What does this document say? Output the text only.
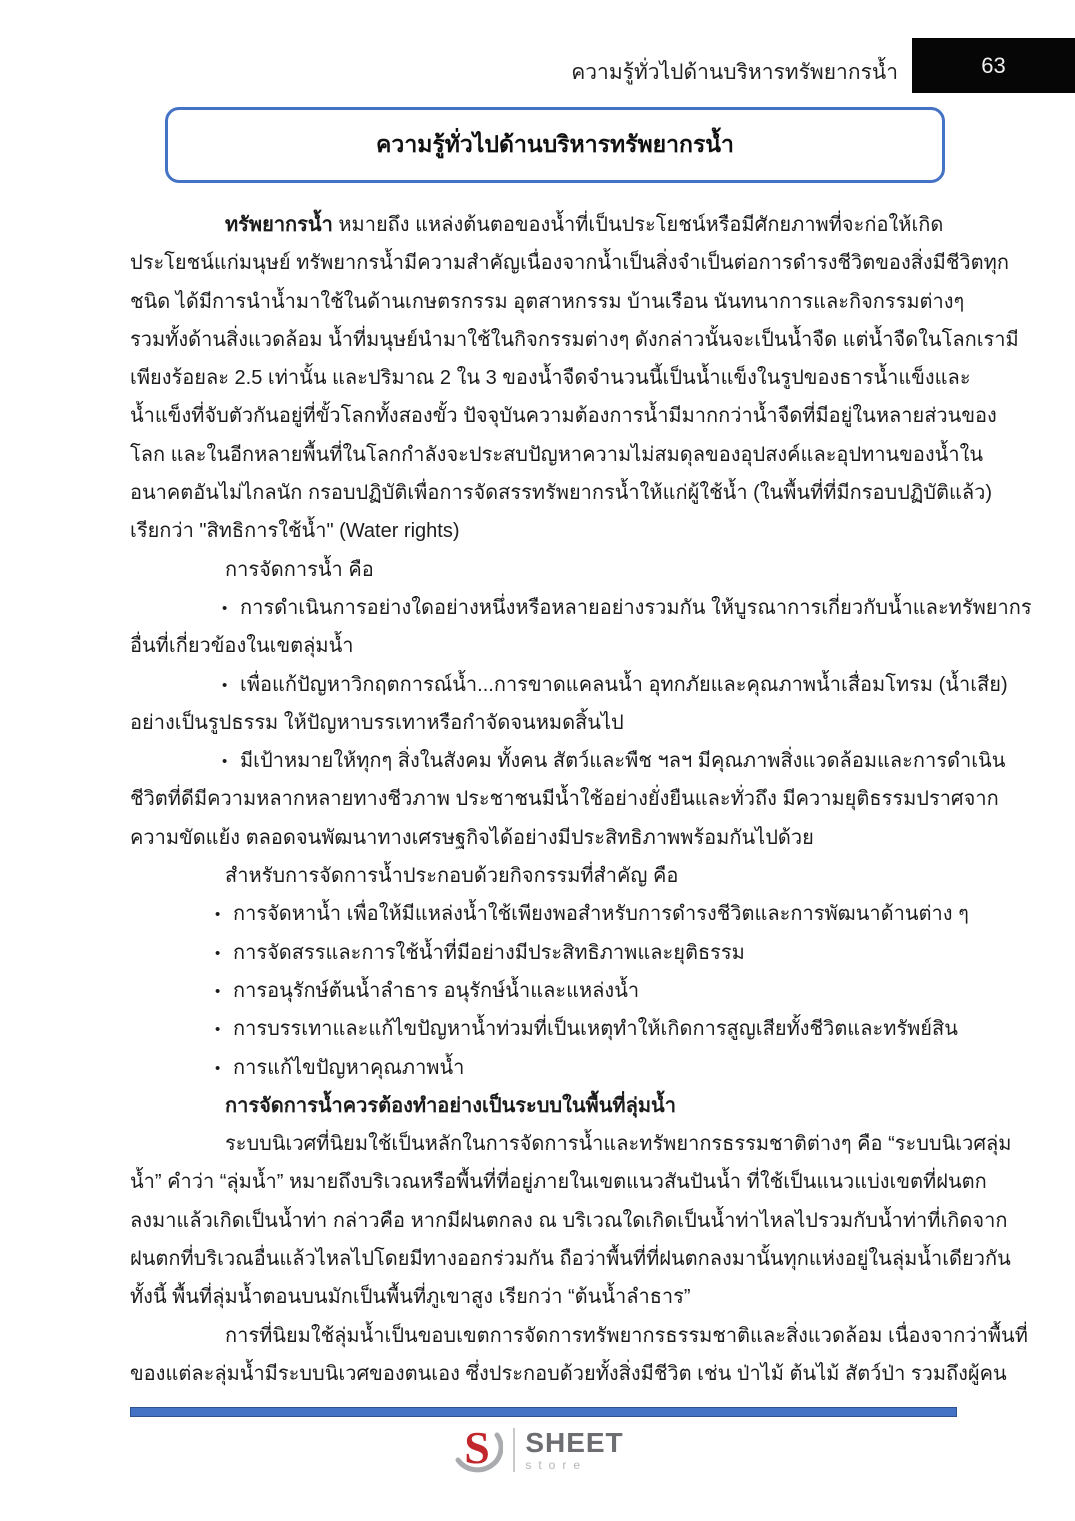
ความรู้ทั่วไปด้านบริหารทรัพยากรน้ำ	63
ความรู้ทั่วไปด้านบริหารทรัพยากรน้ำ
ทรัพยากรน้ำ หมายถึง แหล่งต้นตอของน้ำที่เป็นประโยชน์หรือมีศักยภาพที่จะก่อให้เกิด
ประโยชน์แก่มนุษย์ ทรัพยากรน้ำมีความสำคัญเนื่องจากน้ำเป็นสิ่งจำเป็นต่อการดำรงชีวิตของสิ่งมีชีวิตทุก
ชนิด ได้มีการนำน้ำมาใช้ในด้านเกษตรกรรม อุตสาหกรรม บ้านเรือน นันทนาการและกิจกรรมต่างๆ
รวมทั้งด้านสิ่งแวดล้อม น้ำที่มนุษย์นำมาใช้ในกิจกรรมต่างๆ ดังกล่าวนั้นจะเป็นน้ำจืด แต่น้ำจืดในโลกเรามี
เพียงร้อยละ 2.5 เท่านั้น และปริมาณ 2 ใน 3 ของน้ำจืดจำนวนนี้เป็นน้ำแข็งในรูปของธารน้ำแข็งและ
น้ำแข็งที่จับตัวกันอยู่ที่ขั้วโลกทั้งสองขั้ว ปัจจุบันความต้องการน้ำมีมากกว่าน้ำจืดที่มีอยู่ในหลายส่วนของ
โลก และในอีกหลายพื้นที่ในโลกกำลังจะประสบปัญหาความไม่สมดุลของอุปสงค์และอุปทานของน้ำใน
อนาคตอันไม่ไกลนัก กรอบปฏิบัติเพื่อการจัดสรรทรัพยากรน้ำให้แก่ผู้ใช้น้ำ (ในพื้นที่ที่มีกรอบปฏิบัติแล้ว)
เรียกว่า "สิทธิการใช้น้ำ" (Water rights)
การจัดการน้ำ คือ
• การดำเนินการอย่างใดอย่างหนึ่งหรือหลายอย่างรวมกัน ให้บูรณาการเกี่ยวกับน้ำและทรัพยากร
อื่นที่เกี่ยวข้องในเขตลุ่มน้ำ
• เพื่อแก้ปัญหาวิกฤตการณ์น้ำ...การขาดแคลนน้ำ อุทกภัยและคุณภาพน้ำเสื่อมโทรม (น้ำเสีย)
อย่างเป็นรูปธรรม ให้ปัญหาบรรเทาหรือกำจัดจนหมดสิ้นไป
• มีเป้าหมายให้ทุกๆ สิ่งในสังคม ทั้งคน สัตว์และพืช ฯลฯ มีคุณภาพสิ่งแวดล้อมและการดำเนิน
ชีวิตที่ดีมีความหลากหลายทางชีวภาพ ประชาชนมีน้ำใช้อย่างยั่งยืนและทั่วถึง มีความยุติธรรมปราศจาก
ความขัดแย้ง ตลอดจนพัฒนาทางเศรษฐกิจได้อย่างมีประสิทธิภาพพร้อมกันไปด้วย
สำหรับการจัดการน้ำประกอบด้วยกิจกรรมที่สำคัญ คือ
• การจัดหาน้ำ เพื่อให้มีแหล่งน้ำใช้เพียงพอสำหรับการดำรงชีวิตและการพัฒนาด้านต่าง ๆ
• การจัดสรรและการใช้น้ำที่มีอย่างมีประสิทธิภาพและยุติธรรม
• การอนุรักษ์ต้นน้ำลำธาร อนุรักษ์น้ำและแหล่งน้ำ
• การบรรเทาและแก้ไขปัญหาน้ำท่วมที่เป็นเหตุทำให้เกิดการสูญเสียทั้งชีวิตและทรัพย์สิน
• การแก้ไขปัญหาคุณภาพน้ำ
การจัดการน้ำควรต้องทำอย่างเป็นระบบในพื้นที่ลุ่มน้ำ
ระบบนิเวศที่นิยมใช้เป็นหลักในการจัดการน้ำและทรัพยากรธรรมชาติต่างๆ คือ “ระบบนิเวศลุ่ม
น้ำ” คำว่า “ลุ่มน้ำ” หมายถึงบริเวณหรือพื้นที่ที่อยู่ภายในเขตแนวสันปันน้ำ ที่ใช้เป็นแนวแบ่งเขตที่ฝนตก
ลงมาแล้วเกิดเป็นน้ำท่า กล่าวคือ หากมีฝนตกลง ณ บริเวณใดเกิดเป็นน้ำท่าไหลไปรวมกับน้ำท่าที่เกิดจาก
ฝนตกที่บริเวณอื่นแล้วไหลไปโดยมีทางออกร่วมกัน ถือว่าพื้นที่ที่ฝนตกลงมานั้นทุกแห่งอยู่ในลุ่มน้ำเดียวกัน
ทั้งนี้ พื้นที่ลุ่มน้ำตอนบนมักเป็นพื้นที่ภูเขาสูง เรียกว่า “ต้นน้ำลำธาร”
การที่นิยมใช้ลุ่มน้ำเป็นขอบเขตการจัดการทรัพยากรธรรมชาติและสิ่งแวดล้อม เนื่องจากว่าพื้นที่
ของแต่ละลุ่มน้ำมีระบบนิเวศของตนเอง ซึ่งประกอบด้วยทั้งสิ่งมีชีวิต เช่น ป่าไม้ ต้นไม้ สัตว์ป่า รวมถึงผู้คน
S SHEET
store
